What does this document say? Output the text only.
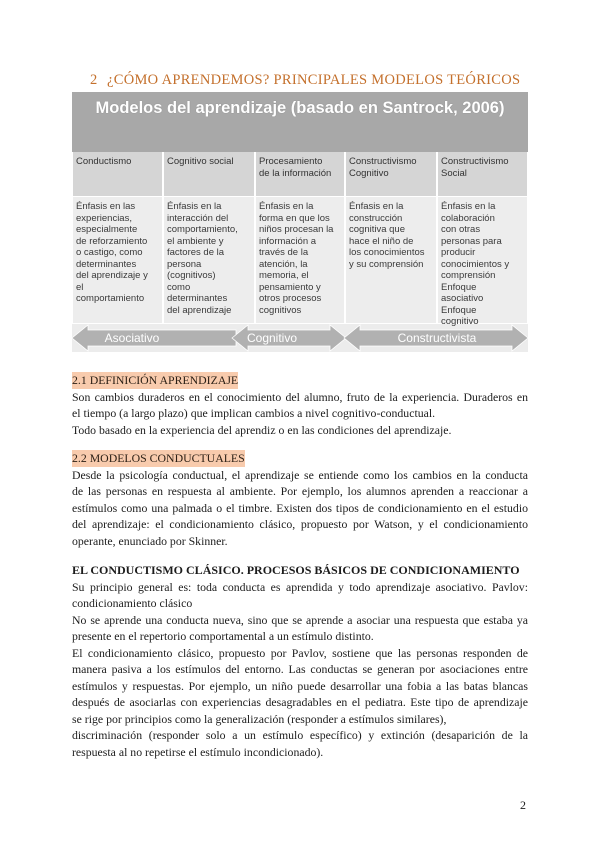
2 ¿CÓMO APRENDEMOS? PRINCIPALES MODELOS TEÓRICOS
Modelos del aprendizaje (basado en Santrock, 2006)
Conductismo
Énfasis en las
experiencias,
especialmente
de reforzamiento
o castigo, como
determinantes
del aprendizaje y
el
comportamiento
Cognitivo social
Énfasis en la
interacción del
comportamiento,
el ambiente y
factores de la
persona
(cognitivos)
como
determinantes
del aprendizaje
Procesamiento
de la información
Énfasis en la
forma en que los
niños procesan la
información a
través de la
atención, la
memoria, el
pensamiento y
otros procesos
cognitivos
Constructivismo
Cognitivo
Énfasis en la
construcción
cognitiva que
hace el niño de
los conocimientos
y su comprensión
Constructivismo
Social
Énfasis en la
colaboración
con otras
personas para
producir
conocimientos y
comprensión
Enfoque
asociativo
Enfoque
cognitivo
Asociativo	Cognitivo	Constructivista
2.1 DEFINICIÓN APRENDIZAJE
Son cambios duraderos en el conocimiento del alumno, fruto de la experiencia. Duraderos en
el tiempo (a largo plazo) que implican cambios a nivel cognitivo-conductual.
Todo basado en la experiencia del aprendiz o en las condiciones del aprendizaje.
2.2 MODELOS CONDUCTUALES
Desde la psicología conductual, el aprendizaje se entiende como los cambios en la conducta
de las personas en respuesta al ambiente. Por ejemplo, los alumnos aprenden a reaccionar a
estímulos como una palmada o el timbre. Existen dos tipos de condicionamiento en el estudio
del aprendizaje: el condicionamiento clásico, propuesto por Watson, y el condicionamiento
operante, enunciado por Skinner.
EL CONDUCTISMO CLÁSICO. PROCESOS BÁSICOS DE CONDICIONAMIENTO
Su principio general es: toda conducta es aprendida y todo aprendizaje asociativo. Pavlov:
condicionamiento clásico
No se aprende una conducta nueva, sino que se aprende a asociar una respuesta que estaba ya
presente en el repertorio comportamental a un estímulo distinto.
El condicionamiento clásico, propuesto por Pavlov, sostiene que las personas responden de
manera pasiva a los estímulos del entorno. Las conductas se generan por asociaciones entre
estímulos y respuestas. Por ejemplo, un niño puede desarrollar una fobia a las batas blancas
después de asociarlas con experiencias desagradables en el pediatra. Este tipo de aprendizaje
se rige por principios como la generalización (responder a estímulos similares),
discriminación (responder solo a un estímulo específico) y extinción (desaparición de la
respuesta al no repetirse el estímulo incondicionado).
2
